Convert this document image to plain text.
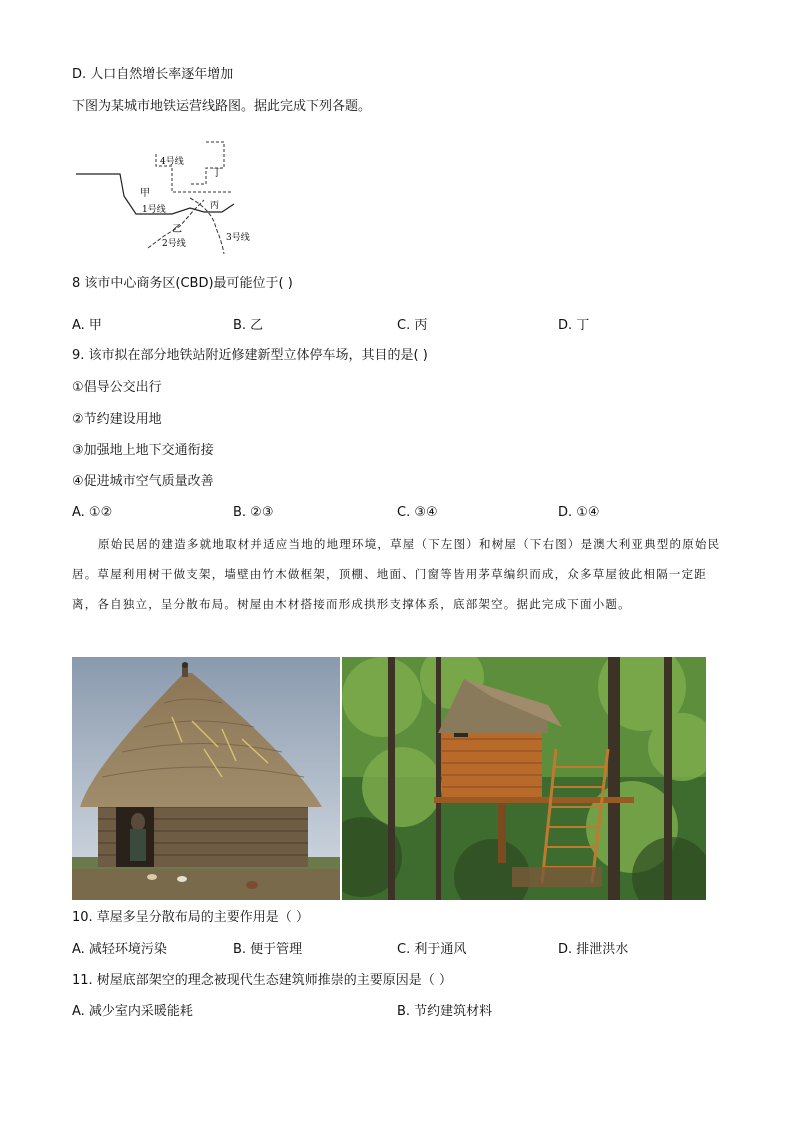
D. 人口自然增长率逐年增加
下图为某城市地铁运营线路图。据此完成下列各题。
4号线
丁
甲
丙
1号线
乙
2号线
3号线
8 该市中心商务区(CBD)最可能位于( )
A. 甲	B. 乙	C. 丙	D. 丁
9. 该市拟在部分地铁站附近修建新型立体停车场，其目的是( )
①倡导公交出行
②节约建设用地
③加强地上地下交通衔接
④促进城市空气质量改善
A. ①②	B. ②③	C. ③④	D. ①④
原始民居的建造多就地取材并适应当地的地理环境，草屋（下左图）和树屋（下右图）是澳大利亚典型的原始民居。草屋利用树干做支架，墙壁由竹木做框架，顶棚、地面、门窗等皆用茅草编织而成，众多草屋彼此相隔一定距离，各自独立，呈分散布局。树屋由木材搭接而形成拱形支撑体系，底部架空。据此完成下面小题。
10. 草屋多呈分散布局的主要作用是（ ）
A. 减轻环境污染	B. 便于管理	C. 利于通风	D. 排泄洪水
11. 树屋底部架空的理念被现代生态建筑师推崇的主要原因是（ ）
A. 减少室内采暖能耗	B. 节约建筑材料
